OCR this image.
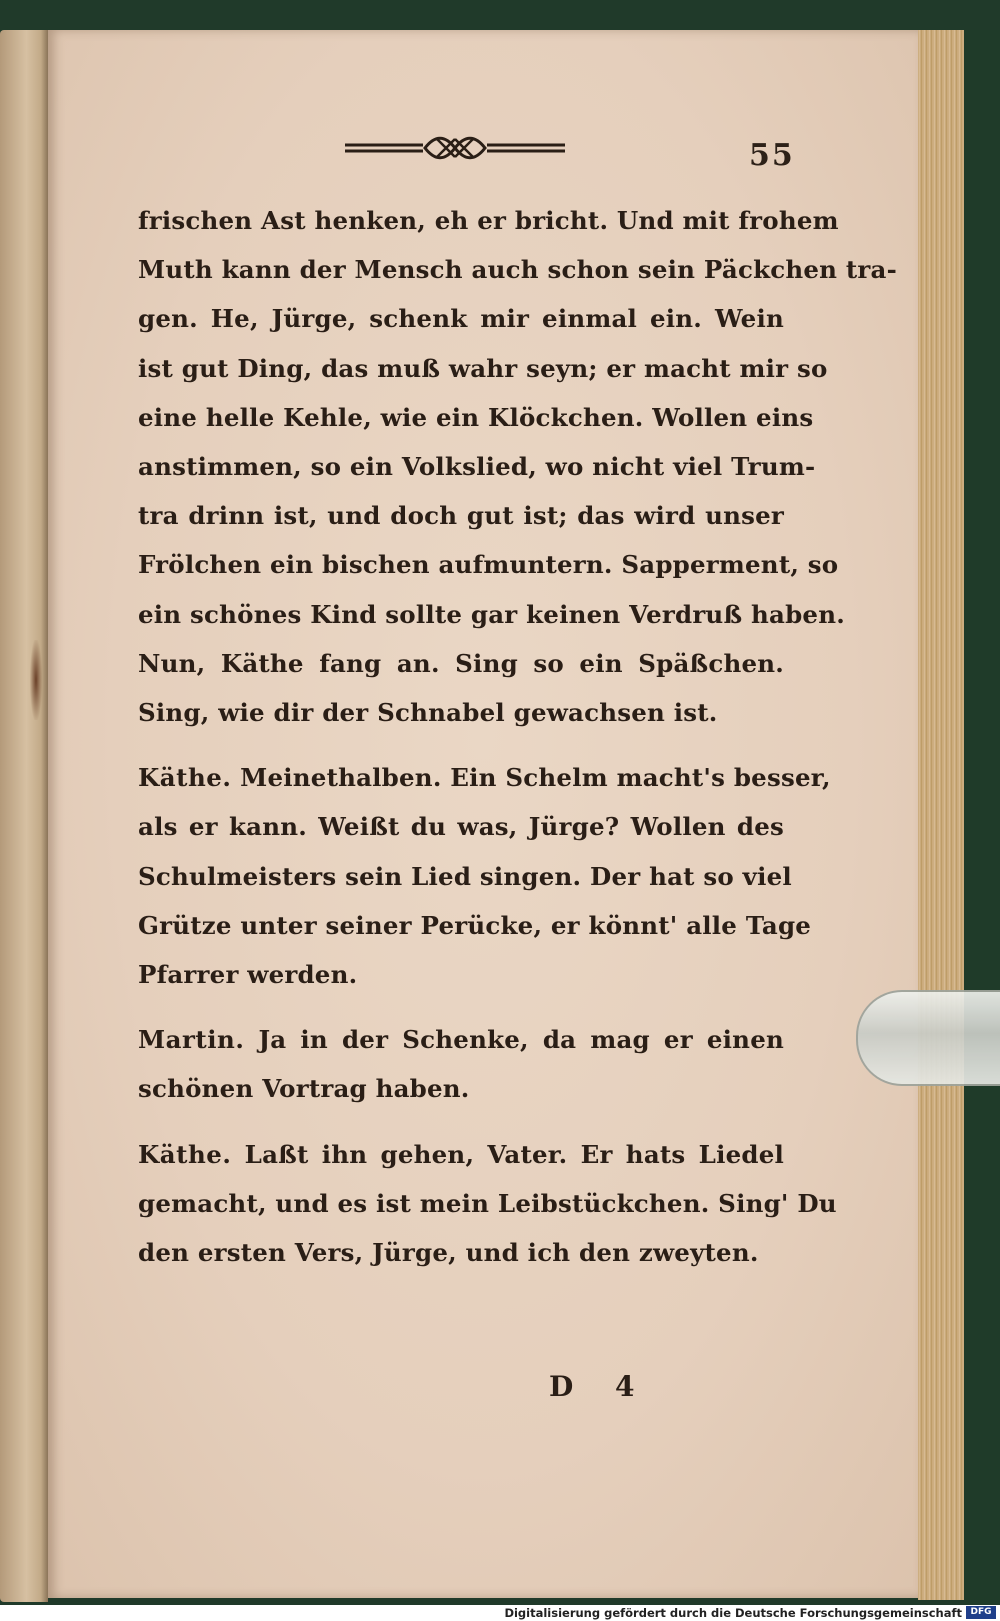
55

frischen Ast henken, eh er bricht. Und mit frohem
Muth kann der Mensch auch schon sein Päckchen tra-
gen. He, Jürge, schenk mir einmal ein. Wein
ist gut Ding, das muß wahr seyn; er macht mir so
eine helle Kehle, wie ein Klöckchen. Wollen eins
anstimmen, so ein Volkslied, wo nicht viel Trum-
tra drinn ist, und doch gut ist; das wird unser
Frölchen ein bischen aufmuntern. Sapperment, so
ein schönes Kind sollte gar keinen Verdruß haben.
Nun, Käthe fang an. Sing so ein Späßchen.
Sing, wie dir der Schnabel gewachsen ist.

Käthe. Meinethalben. Ein Schelm macht's besser,
als er kann. Weißt du was, Jürge? Wollen des
Schulmeisters sein Lied singen. Der hat so viel
Grütze unter seiner Perücke, er könnt' alle Tage
Pfarrer werden.

Martin. Ja in der Schenke, da mag er einen
schönen Vortrag haben.

Käthe. Laßt ihn gehen, Vater. Er hats Liedel
gemacht, und es ist mein Leibstückchen. Sing' Du
den ersten Vers, Jürge, und ich den zweyten.

D 4
Digitalisierung gefördert durch die Deutsche Forschungsgemeinschaft DFG
